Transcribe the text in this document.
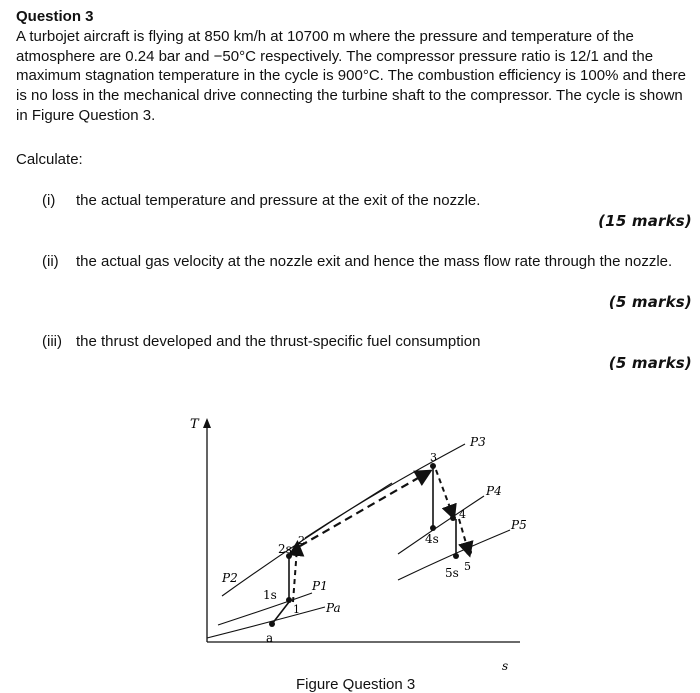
Question 3
A turbojet aircraft is flying at 850 km/h at 10700 m where the pressure and temperature of the atmosphere are 0.24 bar and −50°C respectively. The compressor pressure ratio is 12/1 and the maximum stagnation temperature in the cycle is 900°C. The combustion efficiency is 100% and there is no loss in the mechanical drive connecting the turbine shaft to the compressor. The cycle is shown in Figure Question 3.
Calculate:
(i) the actual temperature and pressure at the exit of the nozzle.
(15 marks)
(ii) the actual gas velocity at the nozzle exit and hence the mass flow rate through the nozzle.
(5 marks)
(iii) the thrust developed and the thrust-specific fuel consumption
(5 marks)
T
s
a
1s
1
2s
2
3
4s
4
5s 5
P3
P4
P5
P2
P1
Pa
Figure Question 3
